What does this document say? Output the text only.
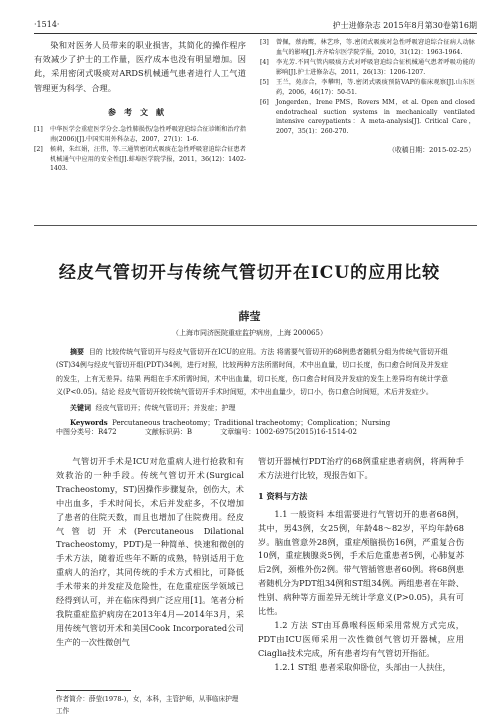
·1514·	护士进修杂志 2015年8月第30卷第16期
染和对医务人员带来的职业损害，其简化的操作程序有效减少了护士的工作量，医疗成本也没有明显增加。因此，采用密闭式吸痰对ARDS机械通气患者进行人工气道管理更为科学、合理。
参考文献
[1]	中华医学会重症医学分会.急性肺损伤/急性呼吸窘迫综合征诊断和治疗指南(2006)[J].中国实用外科杂志，2007，27(1)：1-6.
[2]	候莉，朱红娟，汪伟，等.三通管密闭式吸痰在急性呼吸窘迫综合征患者机械通气中应用的安全性[J].蚌埠医学院学报，2011，36(12)：1402-1403.
[3]	曾佩，蔡海鹰，林艺珍，等.密闭式吸痰对急性呼吸窘迫综合征病人动脉血气的影响[J].齐齐哈尔医学院学报，2010，31(12)：1963-1964.
[4]	李光芳.不同气管内吸痰方式对呼吸窘迫综合征机械通气患者呼吸功能的影响[J].护士进修杂志，2011，26(13)：1206-1207.
[5]	王兰，苑彦合，李攀明，等.密闭式吸痰预防VAP的临床观察[J].山东医药，2006，46(17)：50-51.
[6]	Jongerden，Irene PMS，Rovers MM，et al. Open and closed endotracheal suction systems in mechanically ventilated intensive careypatients：A meta-analysis[J]. Critical Care，2007，35(1)：260-270.
（收稿日期：2015-02-25）
经皮气管切开与传统气管切开在ICU的应用比较
薛莹
（上海市同济医院重症监护病房，上海 200065）
摘要 目的 比较传统气管切开与经皮气管切开在ICU的应用。方法 将需要气管切开的68例患者随机分组为传统气管切开组(ST)34例与经皮气管切开组(PDT)34例，进行对照，比较两种方法所需时间，术中出血量，切口长度，伤口愈合时间及并发症的发生，上有无差异。结果 两组在手术所需时间，术中出血量，切口长度，伤口愈合时间及并发症的发生上差异均有统计学意义(P<0.05)。结论 经皮气管切开较传统气管切开手术时间短，术中出血量少，切口小，伤口愈合时间短，术后并发症少。
关键词 经皮气管切开；传统气管切开；并发症；护理
Keywords Percutaneous tracheotomy；Traditional tracheotomy；Complication；Nursing
中图分类号：R472	文献标识码：B	文章编号：1002-6975(2015)16-1514-02
气管切开手术是ICU对危重病人进行抢救和有效救治的一种手段。传统气管切开术(Surgical Tracheostomy，ST)因操作步骤复杂，创伤大，术中出血多，手术时间长，术后并发症多，不仅增加了患者的住院天数，而且也增加了住院费用。经皮气管切开术(Percutaneous Dilational Tracheostomy，PDT)是一种简单、快速和微创的手术方法，随着近些年不断的成熟，特别适用于危重病人的治疗，其同传统的手术方式相比，可降低手术带来的并发症及危险性，在危重症医学领域已经得到认可，并在临床得到广泛应用[1]。笔者分析我院重症监护病房在2013年4月—2014年3月，采用传统气管切开术和美国Cook Incorporated公司生产的一次性微创气
管切开器械行PDT治疗的68例重症患者病例，将两种手术方法进行比较，现报告如下。
1 资料与方法
1.1 一般资料 本组需要进行气管切开的患者68例，其中，男43例，女25例，年龄48～82岁，平均年龄68岁。脑血管意外28例，重症颅脑损伤16例，严重复合伤10例，重症胰腺炎5例，手术后危重患者5例，心肺复苏后2例，颈椎外伤2例。带气管插管患者60例。将68例患者随机分为PDT组34例和ST组34例。两组患者在年龄、性别、病种等方面差异无统计学意义(P>0.05)，具有可比性。
1.2 方法 ST由耳鼻喉科医师采用常规方式完成，PDT由ICU医师采用一次性微创气管切开器械，应用Ciaglia技术完成，所有患者均有气管切开指征。
1.2.1 ST组 患者采取仰卧位，头部由一人扶住，
作者简介：薛莹(1978-)，女，本科，主管护师，从事临床护理工作
